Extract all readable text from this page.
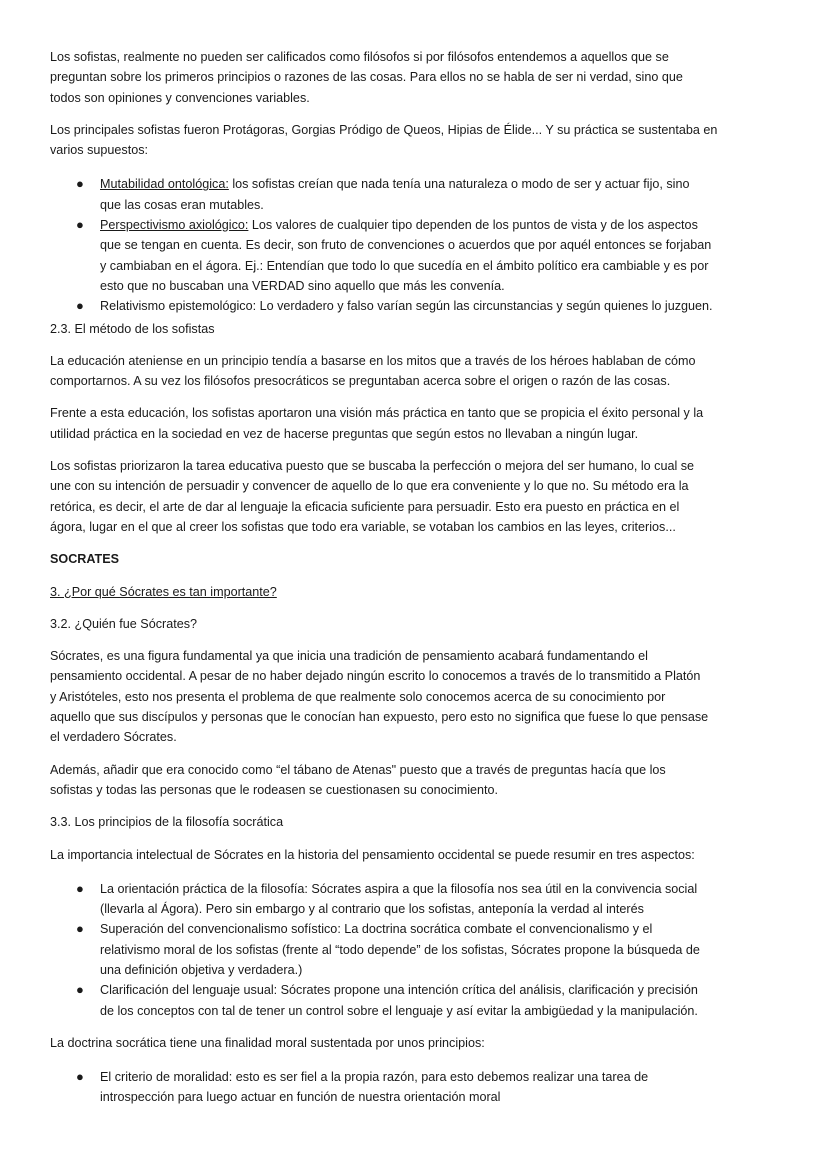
Los sofistas, realmente no pueden ser calificados como filósofos si por filósofos entendemos a aquellos que se
preguntan sobre los primeros principios o razones de las cosas. Para ellos no se habla de ser ni verdad, sino que
todos son opiniones y convenciones variables.
Los principales sofistas fueron Protágoras, Gorgias Pródigo de Queos, Hipias de Élide... Y su práctica se sustentaba en
varios supuestos:
● Mutabilidad ontológica: los sofistas creían que nada tenía una naturaleza o modo de ser y actuar fijo, sino
que las cosas eran mutables.
● Perspectivismo axiológico: Los valores de cualquier tipo dependen de los puntos de vista y de los aspectos
que se tengan en cuenta. Es decir, son fruto de convenciones o acuerdos que por aquél entonces se forjaban
y cambiaban en el ágora. Ej.: Entendían que todo lo que sucedía en el ámbito político era cambiable y es por
esto que no buscaban una VERDAD sino aquello que más les convenía.
● Relativismo epistemológico: Lo verdadero y falso varían según las circunstancias y según quienes lo juzguen.
2.3. El método de los sofistas
La educación ateniense en un principio tendía a basarse en los mitos que a través de los héroes hablaban de cómo
comportarnos. A su vez los filósofos presocráticos se preguntaban acerca sobre el origen o razón de las cosas.
Frente a esta educación, los sofistas aportaron una visión más práctica en tanto que se propicia el éxito personal y la
utilidad práctica en la sociedad en vez de hacerse preguntas que según estos no llevaban a ningún lugar.
Los sofistas priorizaron la tarea educativa puesto que se buscaba la perfección o mejora del ser humano, lo cual se
une con su intención de persuadir y convencer de aquello de lo que era conveniente y lo que no. Su método era la
retórica, es decir, el arte de dar al lenguaje la eficacia suficiente para persuadir. Esto era puesto en práctica en el
ágora, lugar en el que al creer los sofistas que todo era variable, se votaban los cambios en las leyes, criterios...
SOCRATES
3. ¿Por qué Sócrates es tan importante?
3.2. ¿Quién fue Sócrates?
Sócrates, es una figura fundamental ya que inicia una tradición de pensamiento acabará fundamentando el
pensamiento occidental. A pesar de no haber dejado ningún escrito lo conocemos a través de lo transmitido a Platón
y Aristóteles, esto nos presenta el problema de que realmente solo conocemos acerca de su conocimiento por
aquello que sus discípulos y personas que le conocían han expuesto, pero esto no significa que fuese lo que pensase
el verdadero Sócrates.
Además, añadir que era conocido como “el tábano de Atenas" puesto que a través de preguntas hacía que los
sofistas y todas las personas que le rodeasen se cuestionasen su conocimiento.
3.3. Los principios de la filosofía socrática
La importancia intelectual de Sócrates en la historia del pensamiento occidental se puede resumir en tres aspectos:
● La orientación práctica de la filosofía: Sócrates aspira a que la filosofía nos sea útil en la convivencia social
(llevarla al Ágora). Pero sin embargo y al contrario que los sofistas, anteponía la verdad al interés
● Superación del convencionalismo sofístico: La doctrina socrática combate el convencionalismo y el
relativismo moral de los sofistas (frente al “todo depende” de los sofistas, Sócrates propone la búsqueda de
una definición objetiva y verdadera.)
● Clarificación del lenguaje usual: Sócrates propone una intención crítica del análisis, clarificación y precisión
de los conceptos con tal de tener un control sobre el lenguaje y así evitar la ambigüedad y la manipulación.
La doctrina socrática tiene una finalidad moral sustentada por unos principios:
● El criterio de moralidad: esto es ser fiel a la propia razón, para esto debemos realizar una tarea de
introspección para luego actuar en función de nuestra orientación moral
